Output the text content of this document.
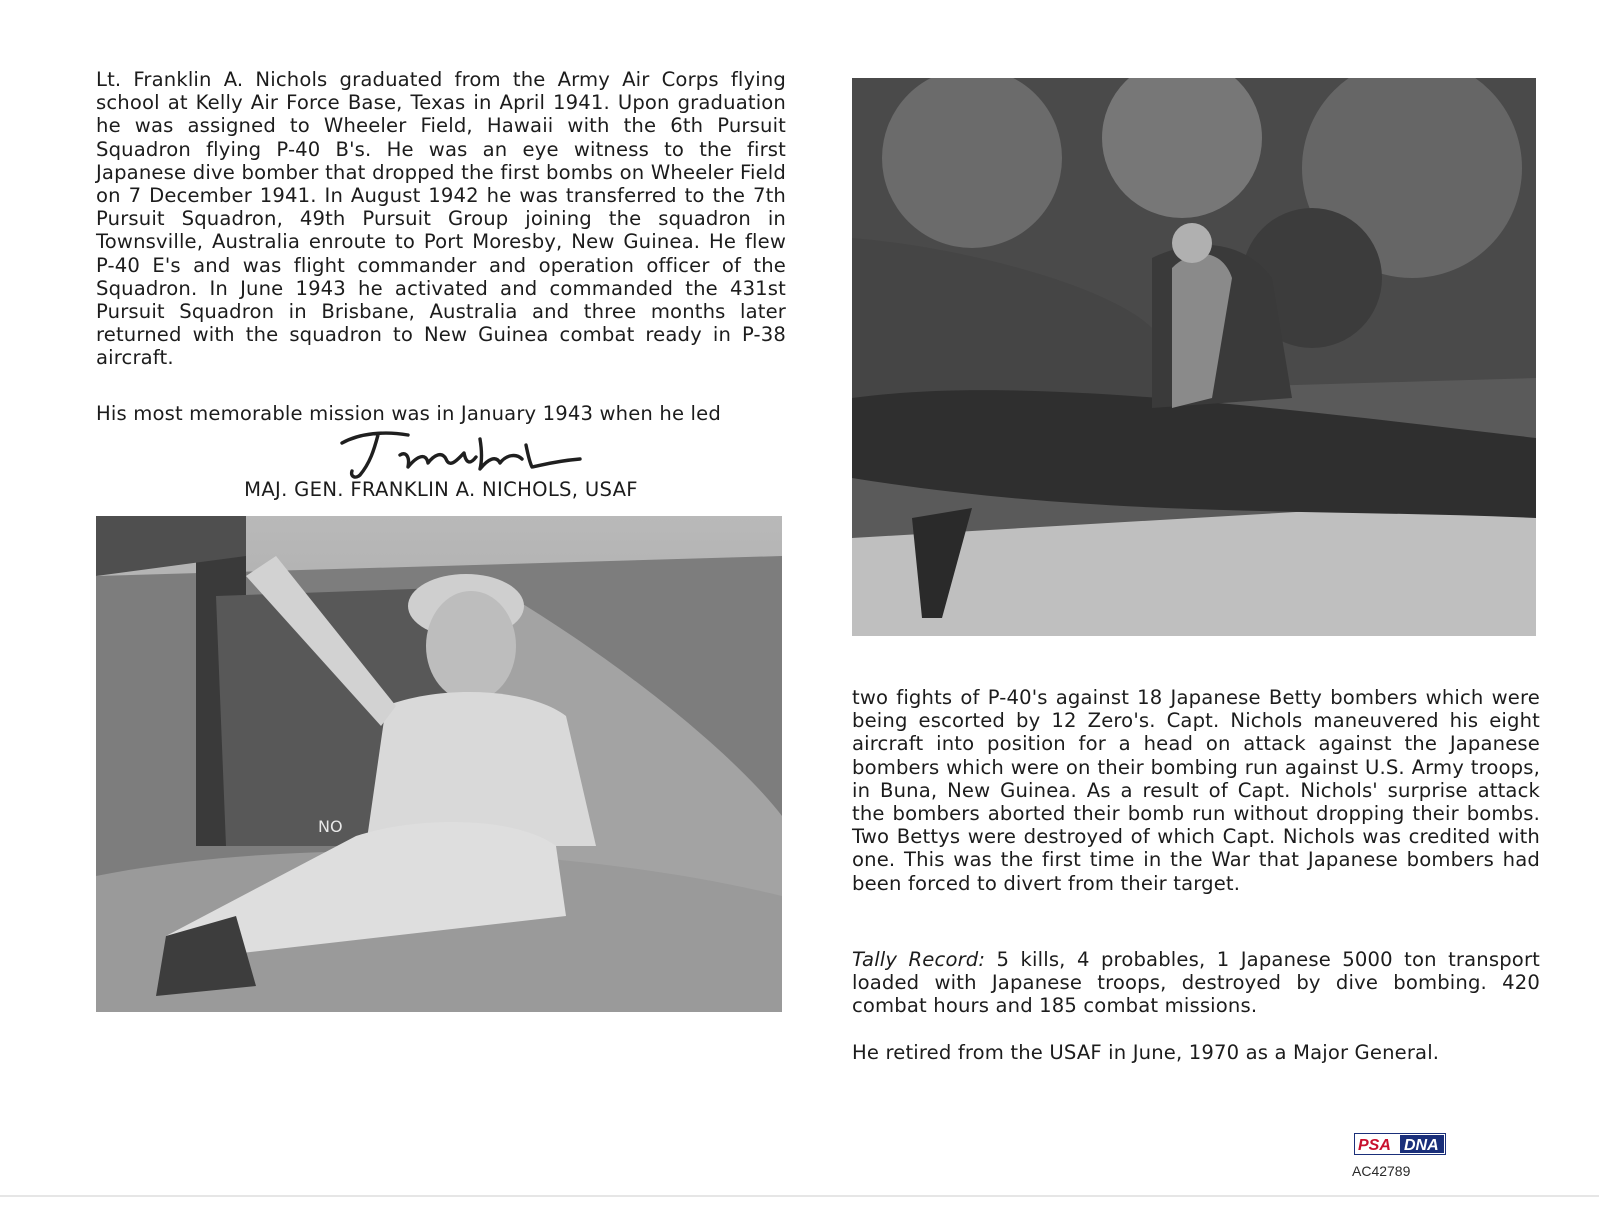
Lt. Franklin A. Nichols graduated from the Army Air Corps flying school at Kelly Air Force Base, Texas in April 1941. Upon graduation he was assigned to Wheeler Field, Hawaii with the 6th Pursuit Squadron flying P-40 B's. He was an eye witness to the first Japanese dive bomber that dropped the first bombs on Wheeler Field on 7 December 1941. In August 1942 he was transferred to the 7th Pursuit Squadron, 49th Pursuit Group joining the squadron in Townsville, Australia enroute to Port Moresby, New Guinea. He flew P-40 E's and was flight commander and operation officer of the Squadron. In June 1943 he activated and commanded the 431st Pursuit Squadron in Brisbane, Australia and three months later returned with the squadron to New Guinea combat ready in P-38 aircraft.

His most memorable mission was in January 1943 when he led

MAJ. GEN. FRANKLIN A. NICHOLS, USAF
NO

two fights of P-40's against 18 Japanese Betty bombers which were being escorted by 12 Zero's. Capt. Nichols maneuvered his eight aircraft into position for a head on attack against the Japanese bombers which were on their bombing run against U.S. Army troops, in Buna, New Guinea. As a result of Capt. Nichols' surprise attack the bombers aborted their bomb run without dropping their bombs. Two Bettys were destroyed of which Capt. Nichols was credited with one. This was the first time in the War that Japanese bombers had been forced to divert from their target.

Tally Record: 5 kills, 4 probables, 1 Japanese 5000 ton transport loaded with Japanese troops, destroyed by dive bombing. 420 combat hours and 185 combat missions.

He retired from the USAF in June, 1970 as a Major General.

PSA DNA
AC42789
